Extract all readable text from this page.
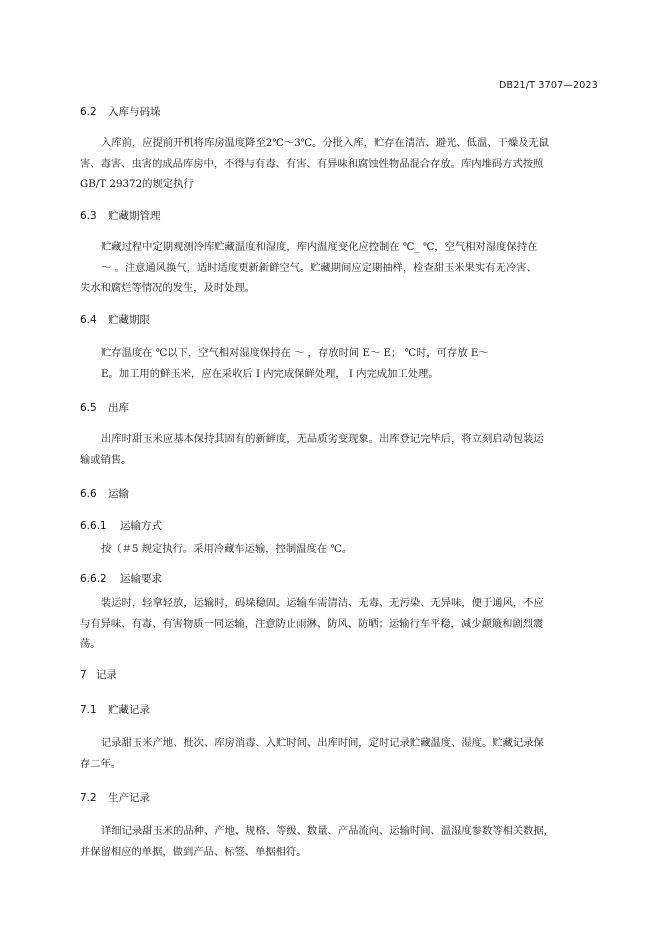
DB21/T 3707—2023
6.2 入库与码垛
入库前，应提前开机将库房温度降至2℃～3℃。分批入库，贮存在清洁、避光、低温、干燥及无鼠
害、毒害、虫害的成品库房中，不得与有毒、有害、有异味和腐蚀性物品混合存放。库内堆码方式按照
GB/T 29372的规定执行
6.3 贮藏期管理
贮藏过程中定期观测冷库贮藏温度和湿度，库内温度变化应控制在 ℃_ ℃，空气相对湿度保持在
～ 。注意通风换气，适时适度更新新鲜空气。贮藏期间应定期抽样，检查甜玉米果实有无冷害、
失水和腐烂等情况的发生，及时处理。
6.4 贮藏期限
贮存温度在 ℃以下，空气相对湿度保持在 ～ ，存放时间 E～ E； ℃时，可存放 E～
E。加工用的鲜玉米，应在采收后 I 内完成保鲜处理， I 内完成加工处理。
6.5 出库
出库时甜玉米应基本保持其固有的新鲜度，无品质劣变现象。出库登记完毕后，将立刻启动包装运
输或销售。
6.6 运输
6.6.1 运输方式
按（＃5 规定执行。采用冷藏车运输，控制温度在 ℃。
6.6.2 运输要求
装运时，轻拿轻放，运输时，码垛稳固。运输车需清洁、无毒、无污染、无异味，便于通风，不应
与有异味、有毒、有害物质一同运输，注意防止雨淋、防风、防晒；运输行车平稳，减少颠簸和剧烈震
荡。
7 记录
7.1 贮藏记录
记录甜玉米产地、批次、库房消毒、入贮时间、出库时间，定时记录贮藏温度、湿度。贮藏记录保
存二年。
7.2 生产记录
详细记录甜玉米的品种、产地、规格、等级、数量、产品流向、运输时间、温湿度参数等相关数据，
并保留相应的单据，做到产品、标签、单据相符。
